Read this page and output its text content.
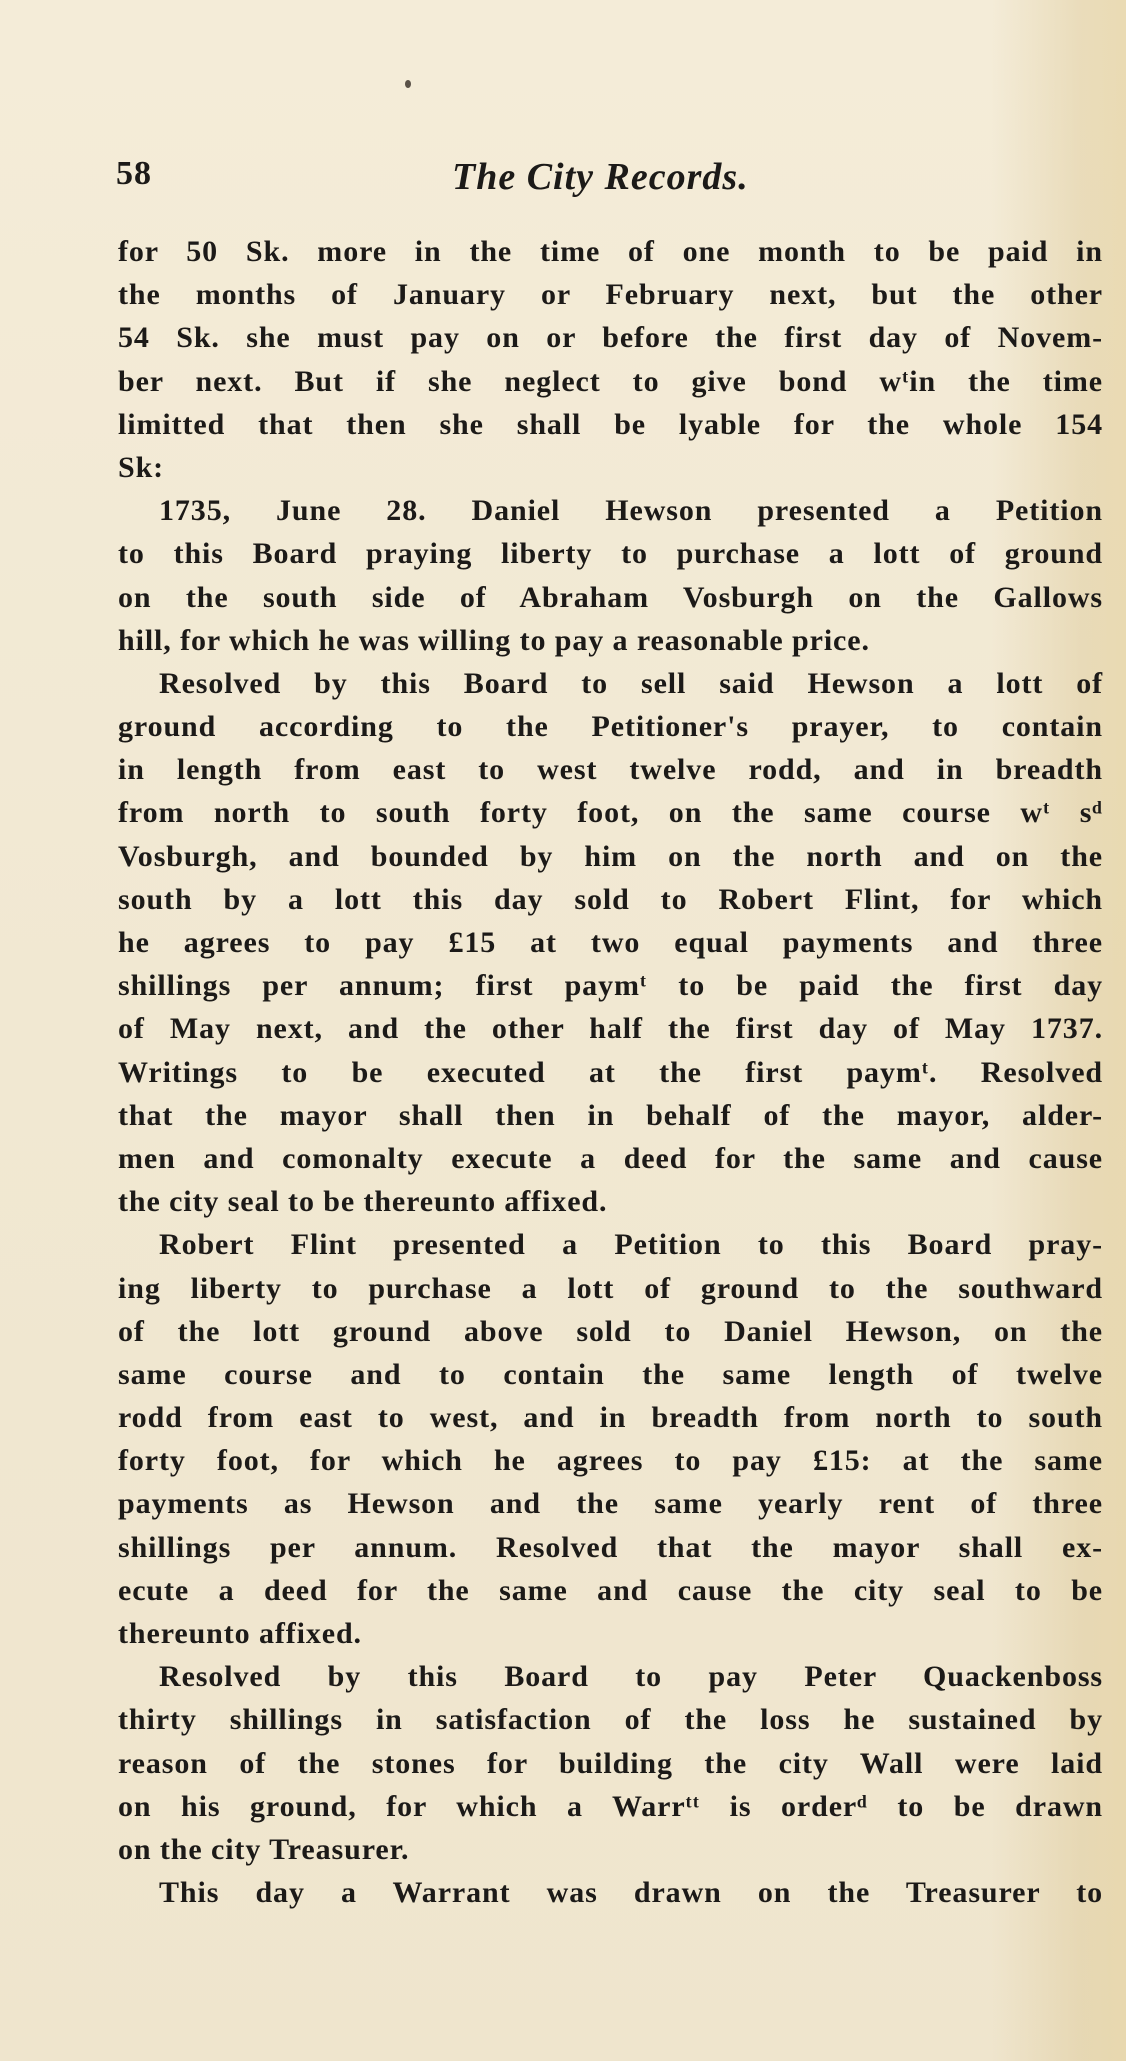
58	The City Records.
for 50 Sk. more in the time of one month to be paid in
the months of January or February next, but the other
54 Sk. she must pay on or before the first day of Novem-
ber next. But if she neglect to give bond wᵗin the time
limitted that then she shall be lyable for the whole 154
Sk:
1735, June 28. Daniel Hewson presented a Petition
to this Board praying liberty to purchase a lott of ground
on the south side of Abraham Vosburgh on the Gallows
hill, for which he was willing to pay a reasonable price.
Resolved by this Board to sell said Hewson a lott of
ground according to the Petitioner's prayer, to contain
in length from east to west twelve rodd, and in breadth
from north to south forty foot, on the same course wᵗ sᵈ
Vosburgh, and bounded by him on the north and on the
south by a lott this day sold to Robert Flint, for which
he agrees to pay £15 at two equal payments and three
shillings per annum; first paymᵗ to be paid the first day
of May next, and the other half the first day of May 1737.
Writings to be executed at the first paymᵗ. Resolved
that the mayor shall then in behalf of the mayor, alder-
men and comonalty execute a deed for the same and cause
the city seal to be thereunto affixed.
Robert Flint presented a Petition to this Board pray-
ing liberty to purchase a lott of ground to the southward
of the lott ground above sold to Daniel Hewson, on the
same course and to contain the same length of twelve
rodd from east to west, and in breadth from north to south
forty foot, for which he agrees to pay £15: at the same
payments as Hewson and the same yearly rent of three
shillings per annum. Resolved that the mayor shall ex-
ecute a deed for the same and cause the city seal to be
thereunto affixed.
Resolved by this Board to pay Peter Quackenboss
thirty shillings in satisfaction of the loss he sustained by
reason of the stones for building the city Wall were laid
on his ground, for which a Warrᵗᵗ is orderᵈ to be drawn
on the city Treasurer.
This day a Warrant was drawn on the Treasurer to
